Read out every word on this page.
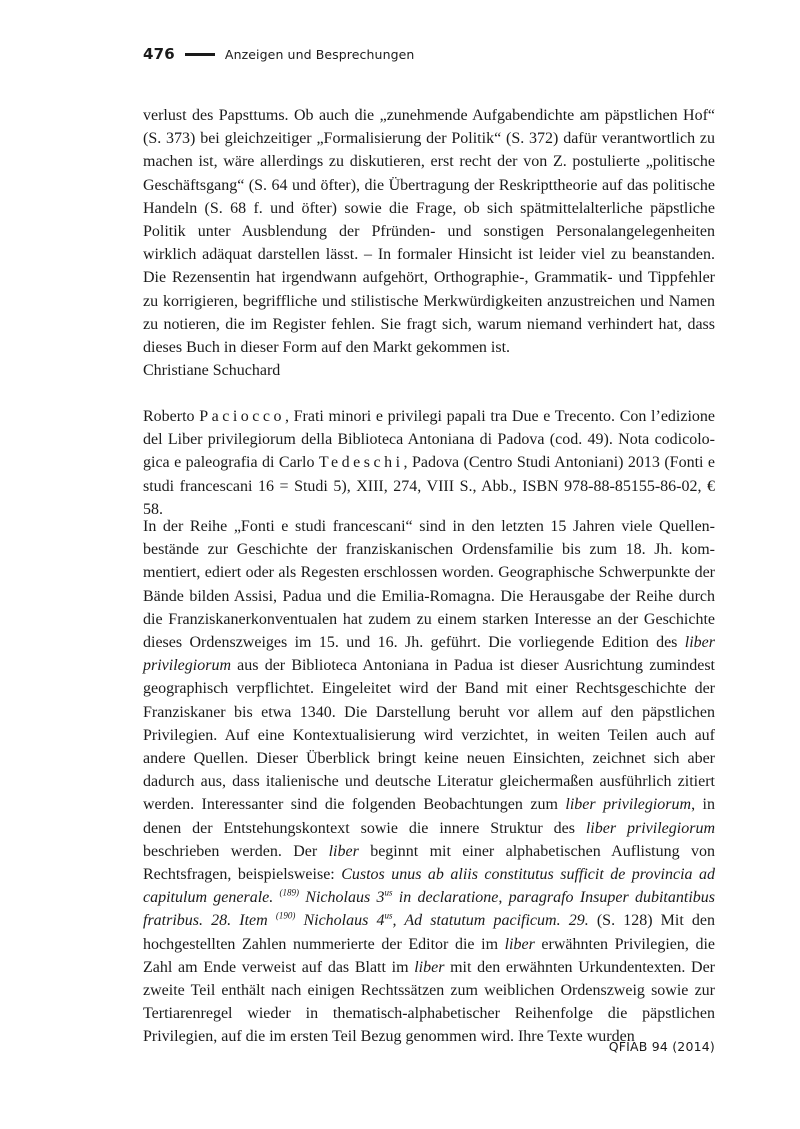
476	Anzeigen und Besprechungen

verlust des Papsttums. Ob auch die „zunehmende Aufgabendichte am päpstlichen Hof“ (S. 373) bei gleichzeitiger „Formalisierung der Politik“ (S. 372) dafür verantwortlich zu machen ist, wäre allerdings zu diskutieren, erst recht der von Z. postulierte „politische Geschäftsgang“ (S. 64 und öfter), die Übertragung der Reskripttheorie auf das politische Handeln (S. 68 f. und öfter) sowie die Frage, ob sich spätmittelalterliche päpstliche Politik unter Ausblendung der Pfründen- und sonstigen Personalangelegenheiten wirklich adäquat darstellen lässt. – In formaler Hinsicht ist leider viel zu beanstanden. Die Rezensentin hat irgendwann aufgehört, Orthographie-, Grammatik- und Tippfehler zu korrigieren, begriffliche und stilistische Merkwürdigkeiten anzustreichen und Namen zu notieren, die im Register fehlen. Sie fragt sich, warum niemand verhindert hat, dass dieses Buch in dieser Form auf den Markt gekommen ist.

Christiane Schuchard

Roberto Paciocco, Frati minori e privilegi papali tra Due e Trecento. Con l’edizione del Liber privilegiorum della Biblioteca Antoniana di Padova (cod. 49). Nota codicologica e paleografia di Carlo Tedeschi, Padova (Centro Studi Antoniani) 2013 (Fonti e studi francescani 16 = Studi 5), XIII, 274, VIII S., Abb., ISBN 978-88-85155-86-02, € 58.

In der Reihe „Fonti e studi francescani“ sind in den letzten 15 Jahren viele Quellenbestände zur Geschichte der franziskanischen Ordensfamilie bis zum 18. Jh. kommentiert, ediert oder als Regesten erschlossen worden. Geographische Schwerpunkte der Bände bilden Assisi, Padua und die Emilia-Romagna. Die Herausgabe der Reihe durch die Franziskanerkonventualen hat zudem zu einem starken Interesse an der Geschichte dieses Ordenszweiges im 15. und 16. Jh. geführt. Die vorliegende Edition des liber privilegiorum aus der Biblioteca Antoniana in Padua ist dieser Ausrichtung zumindest geographisch verpflichtet. Eingeleitet wird der Band mit einer Rechtsgeschichte der Franziskaner bis etwa 1340. Die Darstellung beruht vor allem auf den päpstlichen Privilegien. Auf eine Kontextualisierung wird verzichtet, in weiten Teilen auch auf andere Quellen. Dieser Überblick bringt keine neuen Einsichten, zeichnet sich aber dadurch aus, dass italienische und deutsche Literatur gleichermaßen ausführlich zitiert werden. Interessanter sind die folgenden Beobachtungen zum liber privilegiorum, in denen der Entstehungskontext sowie die innere Struktur des liber privilegiorum beschrieben werden. Der liber beginnt mit einer alphabetischen Auflistung von Rechtsfragen, beispielsweise: Custos unus ab aliis constitutus sufficit de provincia ad capitulum generale. $^{(189)}$ Nicholaus $3^{us}$ in declaratione, paragrafo Insuper dubitantibus fratribus. 28. Item $^{(190)}$ Nicholaus $4^{us}$, Ad statutum pacificum. 29. (S. 128) Mit den hochgestellten Zahlen nummerierte der Editor die im liber erwähnten Privilegien, die Zahl am Ende verweist auf das Blatt im liber mit den erwähnten Urkundentexten. Der zweite Teil enthält nach einigen Rechtssätzen zum weiblichen Ordenszweig sowie zur Tertiarenregel wieder in thematisch-alphabetischer Reihenfolge die päpstlichen Privilegien, auf die im ersten Teil Bezug genommen wird. Ihre Texte wurden

QFIAB 94 (2014)
